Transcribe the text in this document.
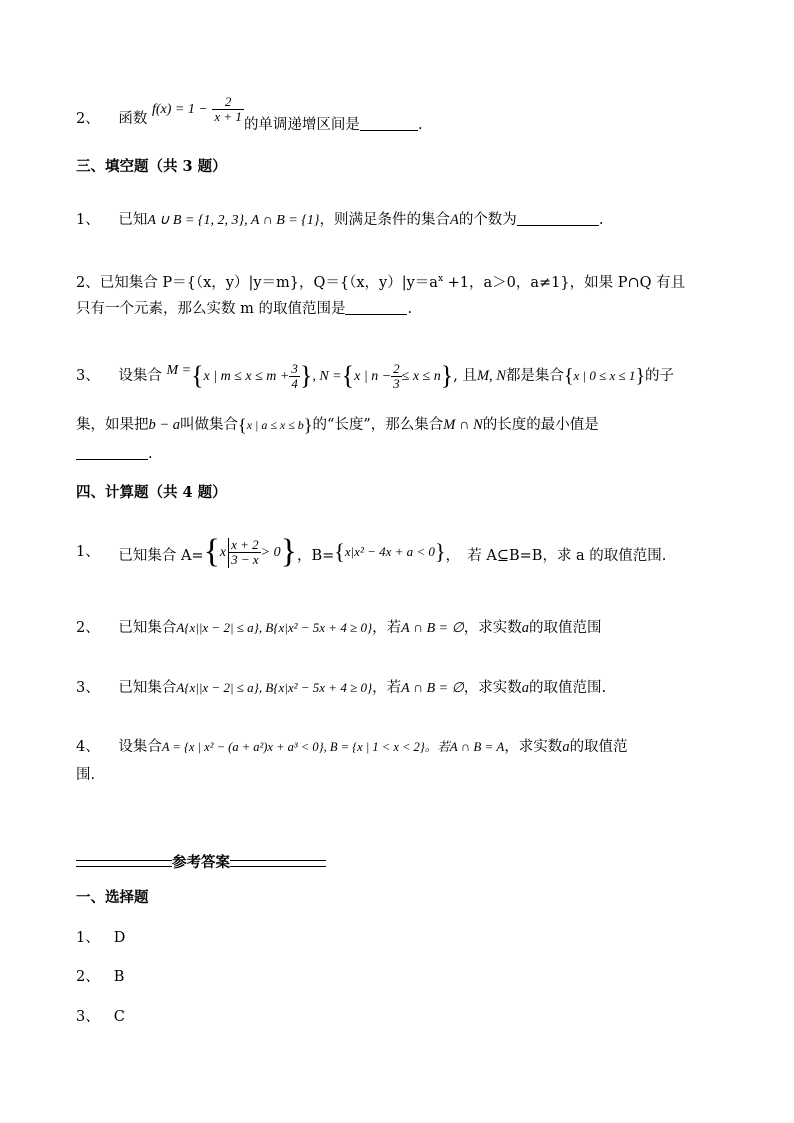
2、 函数 $f(x) = 1 - \frac{2}{x + 1}$
的单调递增区间是	.
三、填空题（共 3 题）
1、 已知A ∪ B = {1, 2, 3}, A ∩ B = {1}，则满足条件的集合A的个数为	.
2、已知集合 P＝{（x，y）|y＝m}，Q＝{（x，$y)|y=a^x +1$，a＞0，a≠1}，如果 P∩Q 有且
只有一个元素，那么实数 m 的取值范围是	.
3、 设集合 M ={x | $m \le x \le m + \frac{3}{4}$ }, N ={x | $n - \frac{2}{3} \le x \le n$}, 且M, N都是集合{x | 0 ≤ x ≤ 1}的子
集，如果把b − a叫做集合{x | a ≤ x ≤ b}的“长度”，那么集合M ∩ N的长度的最小值是
.
四、计算题（共 4 题）
1、 已知集合 $A=\{x \frac{x + 2}{3 - x} > 0\}$，B={x|x² − 4x + a < 0}，　若 A⊆B=B，求 a 的取值范围.
2、 已知集合A{x||x − 2| ≤ a}, B{x|x² − 5x + 4 ≥ 0}，若A ∩ B = ∅，求实数a的取值范围
3、 已知集合A{x||x − 2| ≤ a}, B{x|x² − 5x + 4 ≥ 0}，若A ∩ B = ∅，求实数a的取值范围.
4、 设集合A = {x | x² − (a + a²)x + a³ < 0}, B = {x | 1 < x < 2}。若A ∩ B = A，求实数a的取值范
围.
参考答案
一、选择题
1、 D
2、 B
3、 C
